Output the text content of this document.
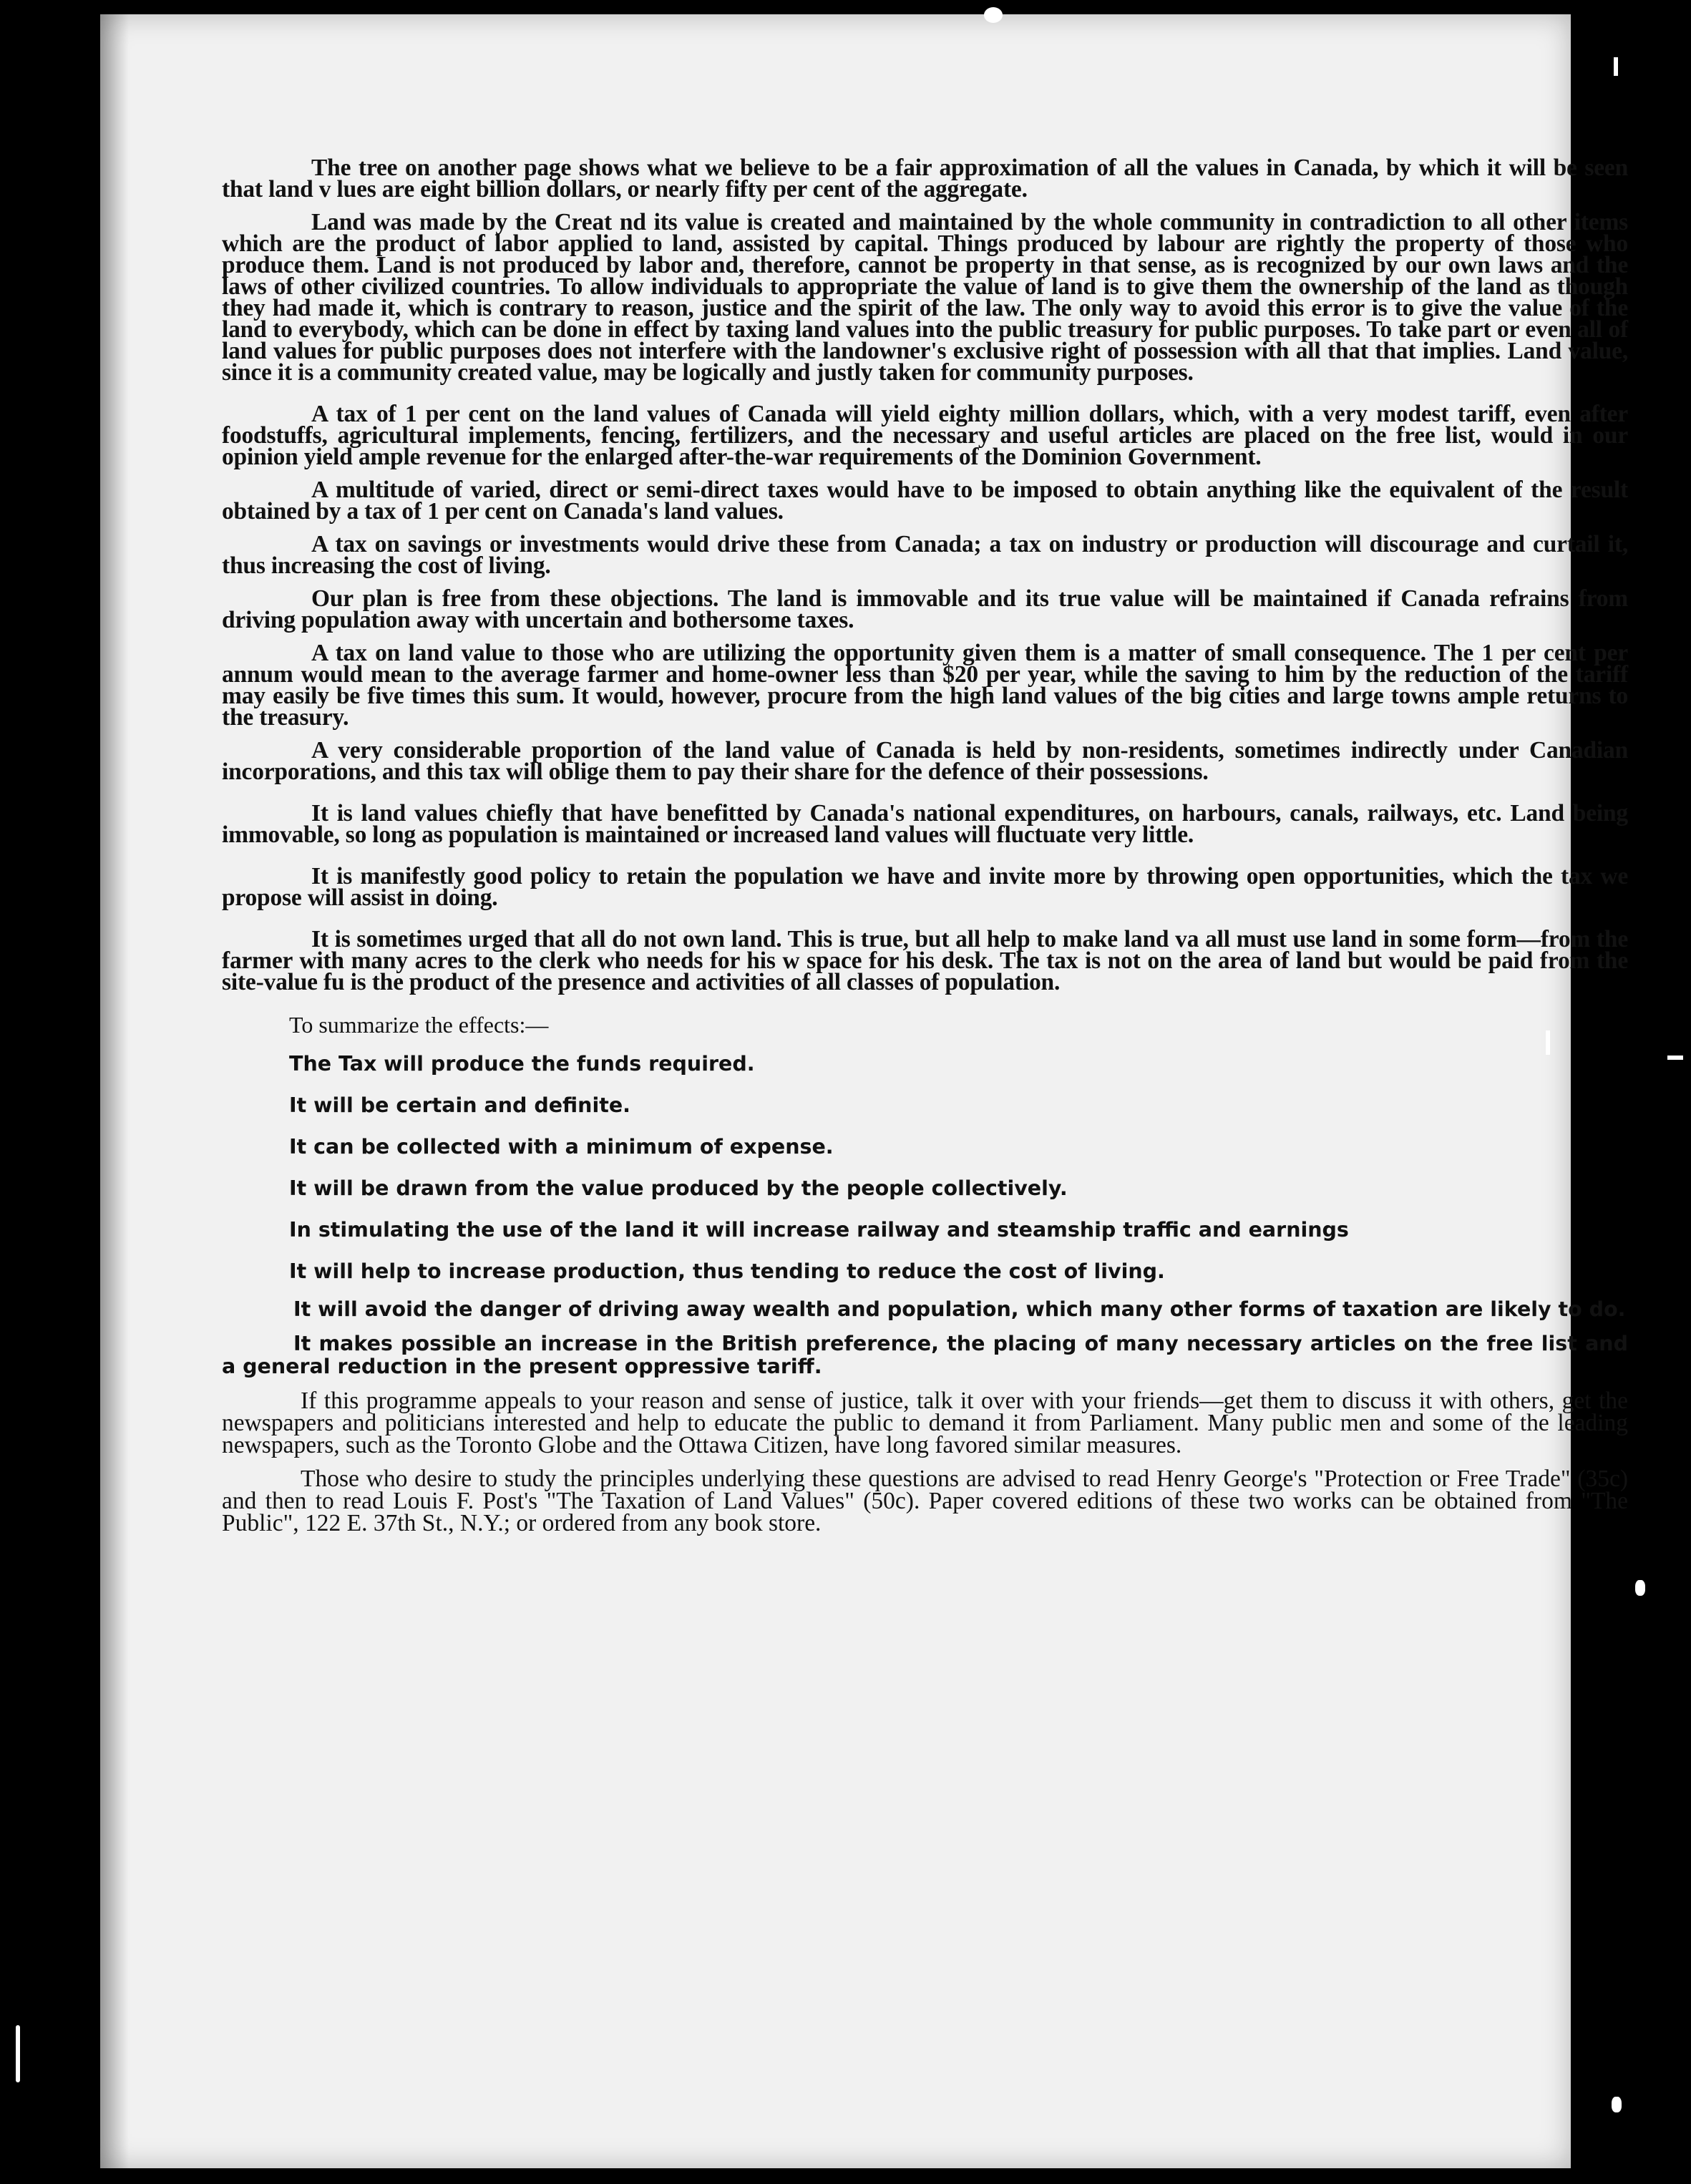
The tree on another page shows what we believe to be a fair approximation of all the values in Canada, by which it will be seen that land v lues are eight billion dollars, or nearly fifty per cent of the aggregate.

Land was made by the Creat nd its value is created and maintained by the whole community in contradiction to all other items which are the product of labor applied to land, assisted by capital. Things produced by labour are rightly the property of those who produce them. Land is not produced by labor and, therefore, cannot be property in that sense, as is recognized by our own laws and the laws of other civilized countries. To allow individuals to appropriate the value of land is to give them the ownership of the land as though they had made it, which is contrary to reason, justice and the spirit of the law. The only way to avoid this error is to give the value of the land to everybody, which can be done in effect by taxing land values into the public treasury for public purposes. To take part or even all of land values for public purposes does not interfere with the landowner's exclusive right of possession with all that that implies. Land value, since it is a community created value, may be logically and justly taken for community purposes.

A tax of 1 per cent on the land values of Canada will yield eighty million dollars, which, with a very modest tariff, even after foodstuffs, agricultural implements, fencing, fertilizers, and the necessary and useful articles are placed on the free list, would in our opinion yield ample revenue for the enlarged after-the-war requirements of the Dominion Government.

A multitude of varied, direct or semi-direct taxes would have to be imposed to obtain anything like the equivalent of the result obtained by a tax of 1 per cent on Canada's land values.

A tax on savings or investments would drive these from Canada; a tax on industry or production will discourage and curtail it, thus increasing the cost of living.

Our plan is free from these objections. The land is immovable and its true value will be maintained if Canada refrains from driving population away with uncertain and bothersome taxes.

A tax on land value to those who are utilizing the opportunity given them is a matter of small consequence. The 1 per cent per annum would mean to the average farmer and home-owner less than $20 per year, while the saving to him by the reduction of the tariff may easily be five times this sum. It would, however, procure from the high land values of the big cities and large towns ample returns to the treasury.

A very considerable proportion of the land value of Canada is held by non-residents, sometimes indirectly under Canadian incorporations, and this tax will oblige them to pay their share for the defence of their possessions.

It is land values chiefly that have benefitted by Canada's national expenditures, on harbours, canals, railways, etc. Land being immovable, so long as population is maintained or increased land values will fluctuate very little.

It is manifestly good policy to retain the population we have and invite more by throwing open opportunities, which the tax we propose will assist in doing.

It is sometimes urged that all do not own land. This is true, but all help to make land va all must use land in some form—from the farmer with many acres to the clerk who needs for his w space for his desk. The tax is not on the area of land but would be paid from the site-value fu is the product of the presence and activities of all classes of population.

To summarize the effects:—

The Tax will produce the funds required.
It will be certain and definite.
It can be collected with a minimum of expense.
It will be drawn from the value produced by the people collectively.
In stimulating the use of the land it will increase railway and steamship traffic and earnings
It will help to increase production, thus tending to reduce the cost of living.

It will avoid the danger of driving away wealth and population, which many other forms of taxation are likely to do.

It makes possible an increase in the British preference, the placing of many necessary articles on the free list and a general reduction in the present oppressive tariff.

If this programme appeals to your reason and sense of justice, talk it over with your friends—get them to discuss it with others, get the newspapers and politicians interested and help to educate the public to demand it from Parliament. Many public men and some of the leading newspapers, such as the Toronto Globe and the Ottawa Citizen, have long favored similar measures.

Those who desire to study the principles underlying these questions are advised to read Henry George's "Protection or Free Trade" (35c) and then to read Louis F. Post's "The Taxation of Land Values" (50c). Paper covered editions of these two works can be obtained from "The Public", 122 E. 37th St., N.Y.; or ordered from any book store.
